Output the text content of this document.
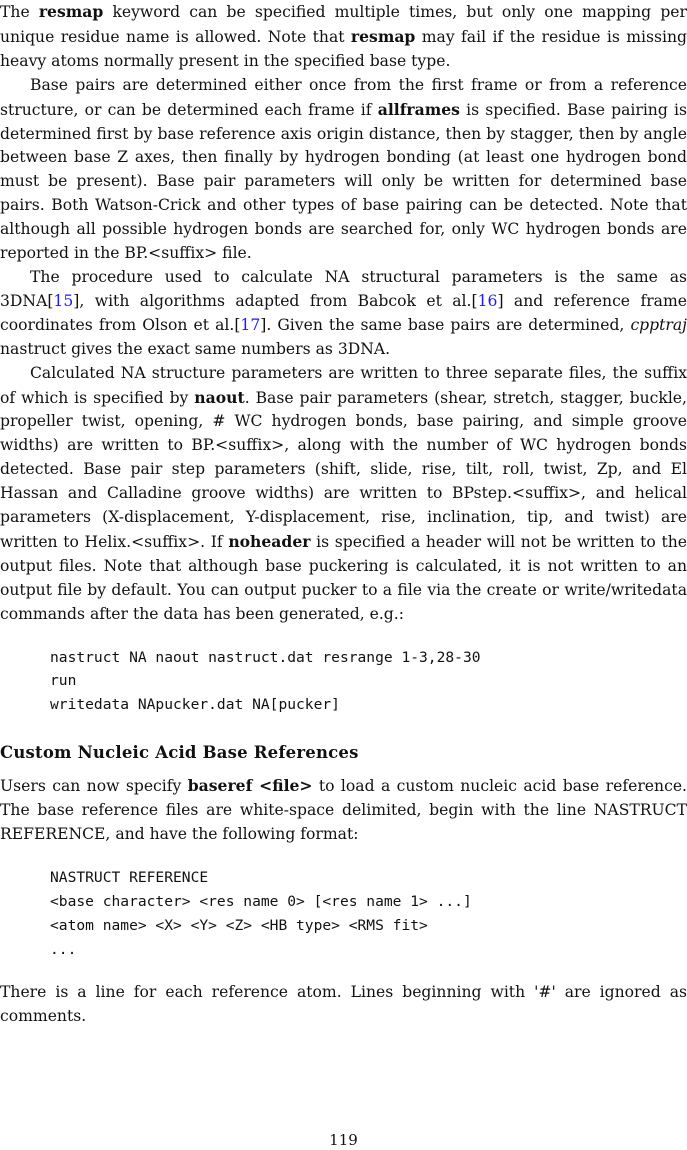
The resmap keyword can be specified multiple times, but only one mapping per unique residue name is allowed. Note that resmap may fail if the residue is missing heavy atoms normally present in the specified base type.

Base pairs are determined either once from the first frame or from a reference structure, or can be determined each frame if allframes is specified. Base pairing is determined first by base reference axis origin distance, then by stagger, then by angle between base Z axes, then finally by hydrogen bonding (at least one hydrogen bond must be present). Base pair parameters will only be written for determined base pairs. Both Watson-Crick and other types of base pairing can be detected. Note that although all possible hydrogen bonds are searched for, only WC hydrogen bonds are reported in the BP.<suffix> file.

The procedure used to calculate NA structural parameters is the same as 3DNA[15], with algorithms adapted from Babcok et al.[16] and reference frame coordinates from Olson et al.[17]. Given the same base pairs are determined, cpptraj nastruct gives the exact same numbers as 3DNA.

Calculated NA structure parameters are written to three separate files, the suffix of which is specified by naout. Base pair parameters (shear, stretch, stagger, buckle, propeller twist, opening, # WC hydrogen bonds, base pairing, and simple groove widths) are written to BP.<suffix>, along with the number of WC hydrogen bonds detected. Base pair step parameters (shift, slide, rise, tilt, roll, twist, Zp, and El Hassan and Calladine groove widths) are written to BPstep.<suffix>, and helical parameters (X-displacement, Y-displacement, rise, inclination, tip, and twist) are written to Helix.<suffix>. If noheader is specified a header will not be written to the output files. Note that although base puckering is calculated, it is not written to an output file by default. You can output pucker to a file via the create or write/writedata commands after the data has been generated, e.g.:

nastruct NA naout nastruct.dat resrange 1-3,28-30

run

writedata NApucker.dat NA[pucker]

Custom Nucleic Acid Base References

Users can now specify baseref <file> to load a custom nucleic acid base reference. The base reference files are white-space delimited, begin with the line NASTRUCT REFERENCE, and have the following format:

NASTRUCT REFERENCE

<base character> <res name 0> [<res name 1> ...]

<atom name> <X> <Y> <Z> <HB type> <RMS fit>

...

There is a line for each reference atom. Lines beginning with '#' are ignored as comments.

119
